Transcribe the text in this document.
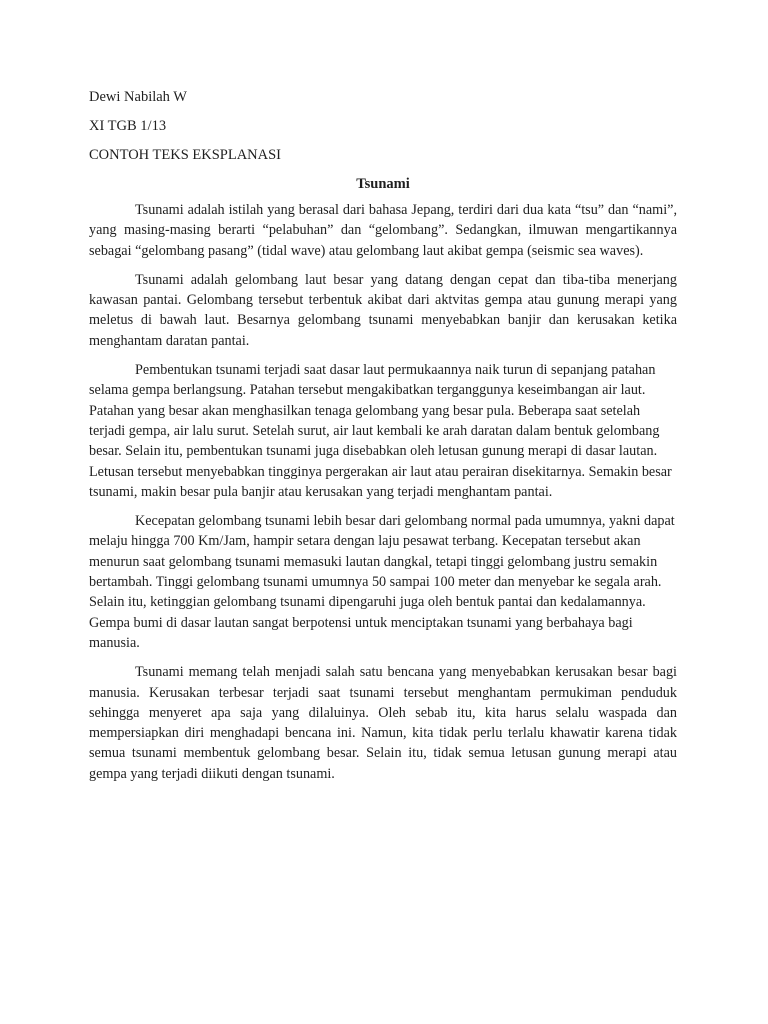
Dewi Nabilah W
XI TGB 1/13
CONTOH TEKS EKSPLANASI
Tsunami

Tsunami adalah istilah yang berasal dari bahasa Jepang, terdiri dari dua kata “tsu” dan “nami”, yang masing-masing berarti “pelabuhan” dan “gelombang”. Sedangkan, ilmuwan mengartikannya sebagai “gelombang pasang” (tidal wave) atau gelombang laut akibat gempa (seismic sea waves).

Tsunami adalah gelombang laut besar yang datang dengan cepat dan tiba-tiba menerjang kawasan pantai. Gelombang tersebut terbentuk akibat dari aktvitas gempa atau gunung merapi yang meletus di bawah laut. Besarnya gelombang tsunami menyebabkan banjir dan kerusakan ketika menghantam daratan pantai.

Pembentukan tsunami terjadi saat dasar laut permukaannya naik turun di sepanjang patahan selama gempa berlangsung. Patahan tersebut mengakibatkan terganggunya keseimbangan air laut. Patahan yang besar akan menghasilkan tenaga gelombang yang besar pula. Beberapa saat setelah terjadi gempa, air lalu surut. Setelah surut, air laut kembali ke arah daratan dalam bentuk gelombang besar. Selain itu, pembentukan tsunami juga disebabkan oleh letusan gunung merapi di dasar lautan. Letusan tersebut menyebabkan tingginya pergerakan air laut atau perairan disekitarnya. Semakin besar tsunami, makin besar pula banjir atau kerusakan yang terjadi menghantam pantai.

Kecepatan gelombang tsunami lebih besar dari gelombang normal pada umumnya, yakni dapat melaju hingga 700 Km/Jam, hampir setara dengan laju pesawat terbang. Kecepatan tersebut akan menurun saat gelombang tsunami memasuki lautan dangkal, tetapi tinggi gelombang justru semakin bertambah. Tinggi gelombang tsunami umumnya 50 sampai 100 meter dan menyebar ke segala arah. Selain itu, ketinggian gelombang tsunami dipengaruhi juga oleh bentuk pantai dan kedalamannya. Gempa bumi di dasar lautan sangat berpotensi untuk menciptakan tsunami yang berbahaya bagi manusia.

Tsunami memang telah menjadi salah satu bencana yang menyebabkan kerusakan besar bagi manusia. Kerusakan terbesar terjadi saat tsunami tersebut menghantam permukiman penduduk sehingga menyeret apa saja yang dilaluinya. Oleh sebab itu, kita harus selalu waspada dan mempersiapkan diri menghadapi bencana ini. Namun, kita tidak perlu terlalu khawatir karena tidak semua tsunami membentuk gelombang besar. Selain itu, tidak semua letusan gunung merapi atau gempa yang terjadi diikuti dengan tsunami.
